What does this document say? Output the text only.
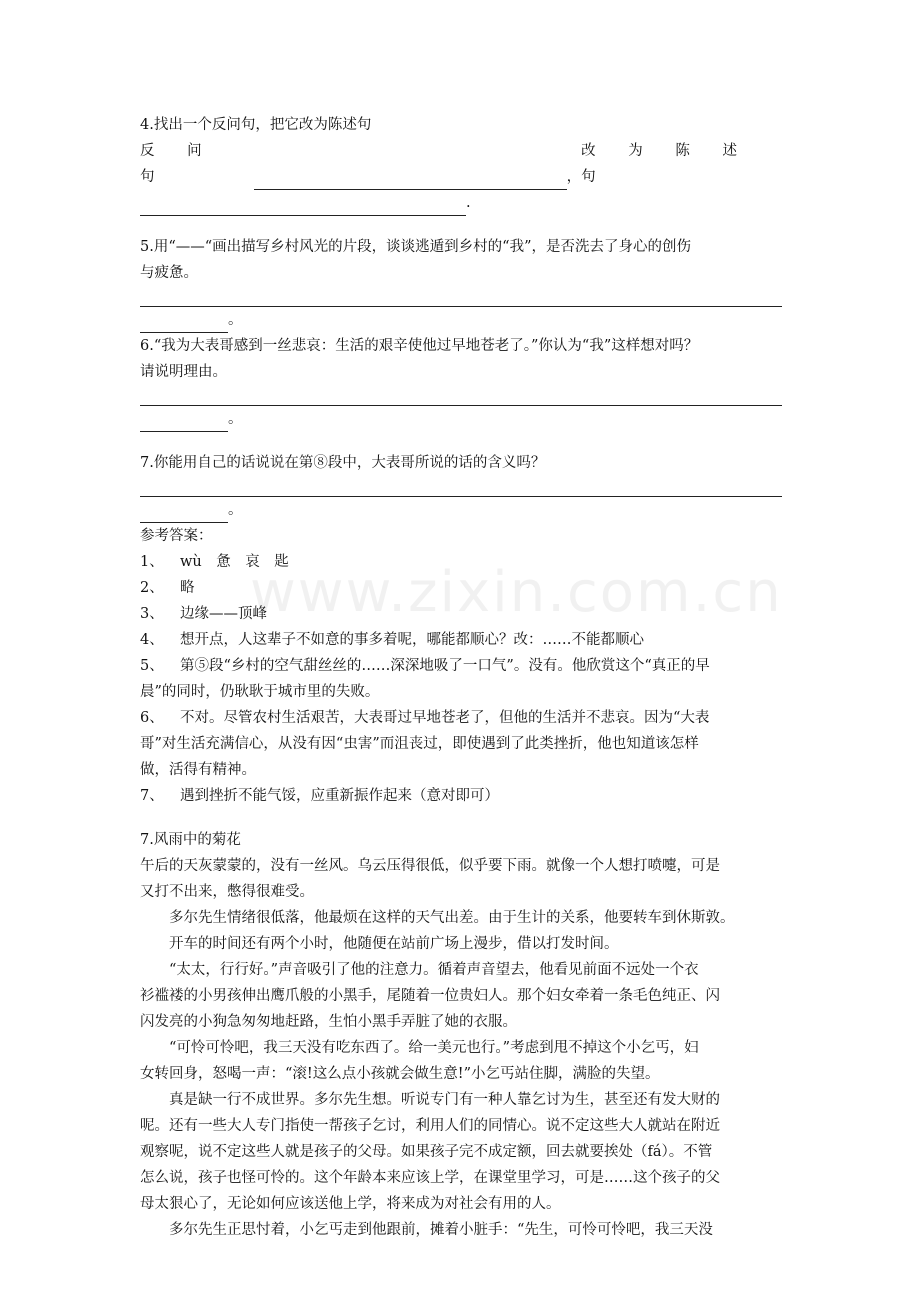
www.zixin.com.cn
4.找出一个反问句，把它改为陈述句
反 问 句	，
改 为 陈 述 句
.
5.用“——“画出描写乡村风光的片段，谈谈逃遁到乡村的“我”，是否洗去了身心的创伤
与疲惫。
。
6.“我为大表哥感到一丝悲哀：生活的艰辛使他过早地苍老了。”你认为“我”这样想对吗？
请说明理由。
。
7.你能用自己的话说说在第⑧段中，大表哥所说的话的含义吗？
。
参考答案：
1、	wù　惫　哀　匙
2、	略
3、	边缘——顶峰
4、	想开点，人这辈子不如意的事多着呢，哪能都顺心？改：……不能都顺心
5、	第⑤段“乡村的空气甜丝丝的……深深地吸了一口气”。没有。他欣赏这个“真正的早
晨”的同时，仍耿耿于城市里的失败。
6、	不对。尽管农村生活艰苦，大表哥过早地苍老了，但他的生活并不悲哀。因为“大表
哥”对生活充满信心，从没有因“虫害”而沮丧过，即使遇到了此类挫折，他也知道该怎样
做，活得有精神。
7、	遇到挫折不能气馁，应重新振作起来（意对即可）
7.风雨中的菊花
午后的天灰蒙蒙的，没有一丝风。乌云压得很低，似乎要下雨。就像一个人想打喷嚏，可是
又打不出来，憋得很难受。
多尔先生情绪很低落，他最烦在这样的天气出差。由于生计的关系，他要转车到休斯敦。
开车的时间还有两个小时，他随便在站前广场上漫步，借以打发时间。
“太太，行行好。”声音吸引了他的注意力。循着声音望去，他看见前面不远处一个衣
衫褴褛的小男孩伸出鹰爪般的小黑手，尾随着一位贵妇人。那个妇女牵着一条毛色纯正、闪
闪发亮的小狗急匆匆地赶路，生怕小黑手弄脏了她的衣服。
“可怜可怜吧，我三天没有吃东西了。给一美元也行。”考虑到甩不掉这个小乞丐，妇
女转回身，怒喝一声：“滚!这么点小孩就会做生意!”小乞丐站住脚，满脸的失望。
真是缺一行不成世界。多尔先生想。听说专门有一种人靠乞讨为生，甚至还有发大财的
呢。还有一些大人专门指使一帮孩子乞讨，利用人们的同情心。说不定这些大人就站在附近
观察呢，说不定这些人就是孩子的父母。如果孩子完不成定额，回去就要挨处（fá）。不管
怎么说，孩子也怪可怜的。这个年龄本来应该上学，在课堂里学习，可是……这个孩子的父
母太狠心了，无论如何应该送他上学，将来成为对社会有用的人。
多尔先生正思忖着，小乞丐走到他跟前，摊着小脏手：“先生，可怜可怜吧，我三天没
